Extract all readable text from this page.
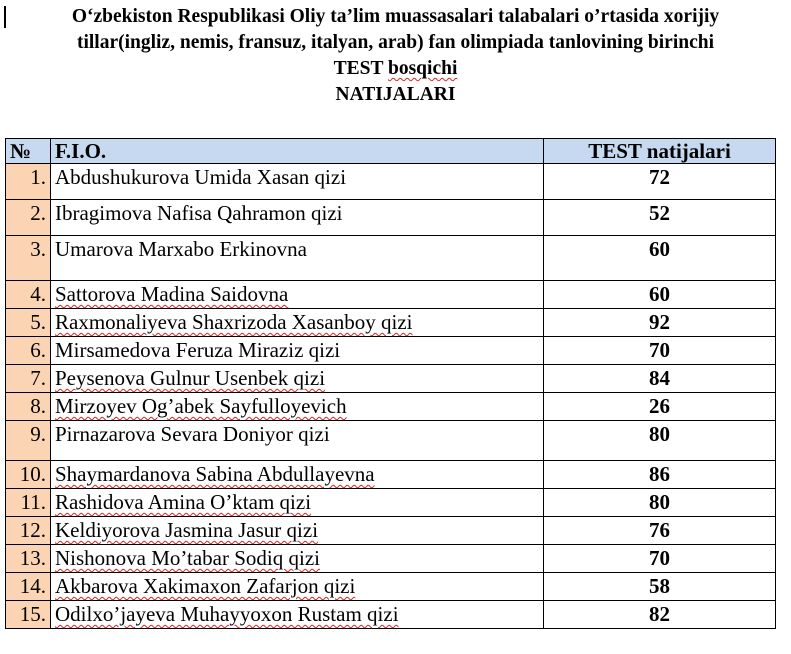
O‘zbekiston Respublikasi Oliy ta’lim muassasalari talabalari o’rtasida xorijiy
tillar(ingliz, nemis, fransuz, italyan, arab) fan olimpiada tanlovining birinchi
TEST bosqichi
NATIJALARI
№	F.I.O.	TEST natijalari
1.	Abdushukurova Umida Xasan qizi	72
2.	Ibragimova Nafisa Qahramon qizi	52
3.	Umarova Marxabo Erkinovna	60
4.	Sattorova Madina Saidovna	60
5.	Raxmonaliyeva Shaxrizoda Xasanboy qizi	92
6.	Mirsamedova Feruza Miraziz qizi	70
7.	Peysenova Gulnur Usenbek qizi	84
8.	Mirzoyev Og’abek Sayfulloyevich	26
9.	Pirnazarova Sevara Doniyor qizi	80
10.	Shaymardanova Sabina Abdullayevna	86
11.	Rashidova Amina O’ktam qizi	80
12.	Keldiyorova Jasmina Jasur qizi	76
13.	Nishonova Mo’tabar Sodiq qizi	70
14.	Akbarova Xakimaxon Zafarjon qizi	58
15.	Odilxo’jayeva Muhayyoxon Rustam qizi	82
